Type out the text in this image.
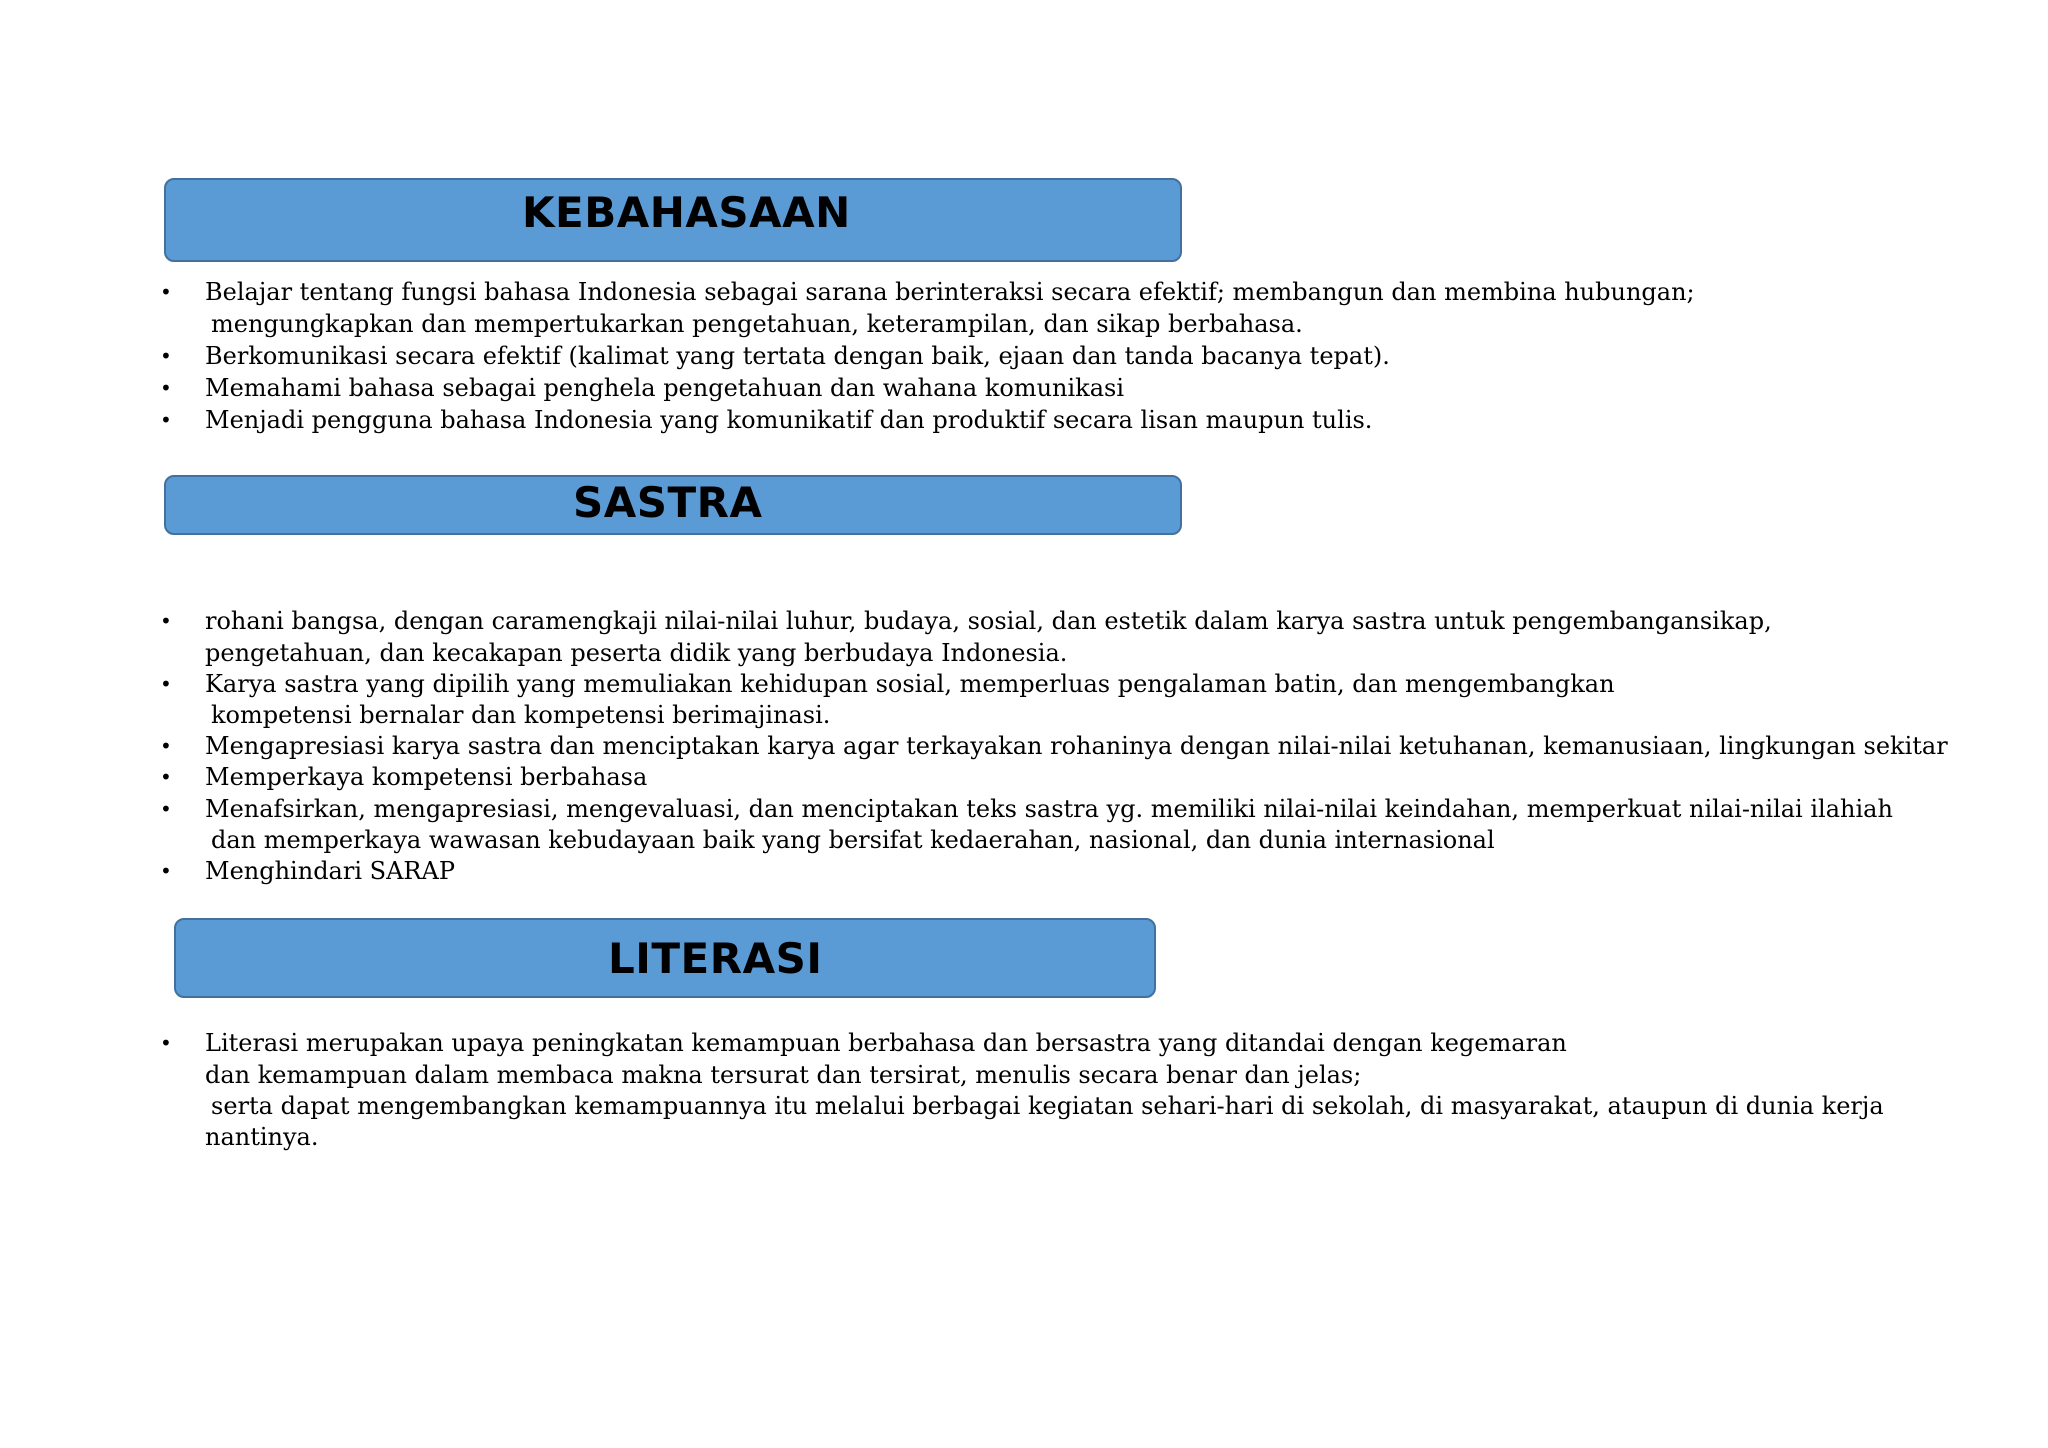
KEBAHASAAN
• Belajar tentang fungsi bahasa Indonesia sebagai sarana berinteraksi secara efektif; membangun dan membina hubungan;
mengungkapkan dan mempertukarkan pengetahuan, keterampilan, dan sikap berbahasa.
• Berkomunikasi secara efektif (kalimat yang tertata dengan baik, ejaan dan tanda bacanya tepat).
• Memahami bahasa sebagai penghela pengetahuan dan wahana komunikasi
• Menjadi pengguna bahasa Indonesia yang komunikatif dan produktif secara lisan maupun tulis.
SASTRA
• rohani bangsa, dengan caramengkaji nilai-nilai luhur, budaya, sosial, dan estetik dalam karya sastra untuk pengembangansikap,
pengetahuan, dan kecakapan peserta didik yang berbudaya Indonesia.
• Karya sastra yang dipilih yang memuliakan kehidupan sosial, memperluas pengalaman batin, dan mengembangkan
kompetensi bernalar dan kompetensi berimajinasi.
• Mengapresiasi karya sastra dan menciptakan karya agar terkayakan rohaninya dengan nilai-nilai ketuhanan, kemanusiaan, lingkungan sekitar
• Memperkaya kompetensi berbahasa
• Menafsirkan, mengapresiasi, mengevaluasi, dan menciptakan teks sastra yg. memiliki nilai-nilai keindahan, memperkuat nilai-nilai ilahiah
dan memperkaya wawasan kebudayaan baik yang bersifat kedaerahan, nasional, dan dunia internasional
• Menghindari SARAP
LITERASI
• Literasi merupakan upaya peningkatan kemampuan berbahasa dan bersastra yang ditandai dengan kegemaran
dan kemampuan dalam membaca makna tersurat dan tersirat, menulis secara benar dan jelas;
serta dapat mengembangkan kemampuannya itu melalui berbagai kegiatan sehari-hari di sekolah, di masyarakat, ataupun di dunia kerja
nantinya.
